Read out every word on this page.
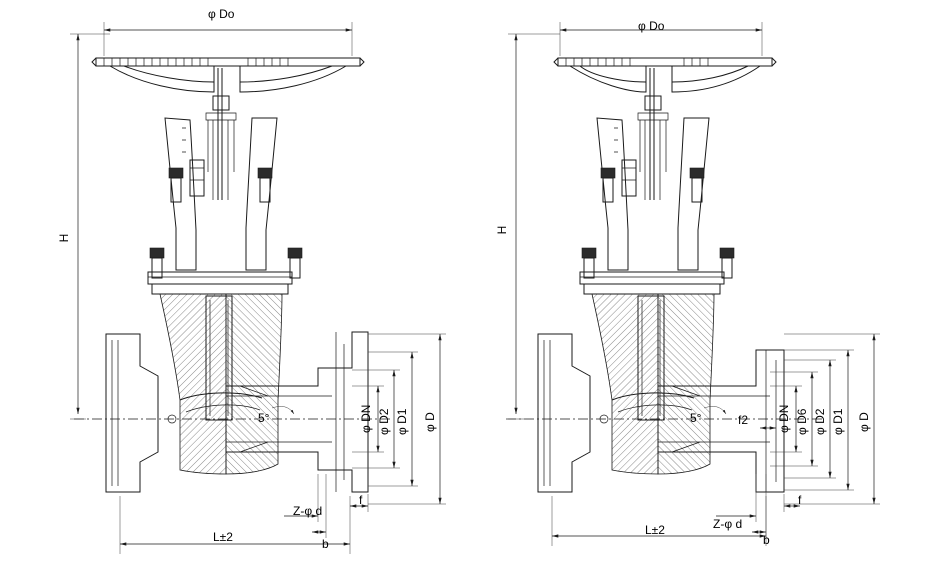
φ Do
H
L±2
Z-φ d
b
f
φ DN φ D2 φ D1 φ D
5°
φ Do
H
L±2	Z-φ d
b
f
f2 φ DN φ D6 φ D2 φ D1 φ D
5°
